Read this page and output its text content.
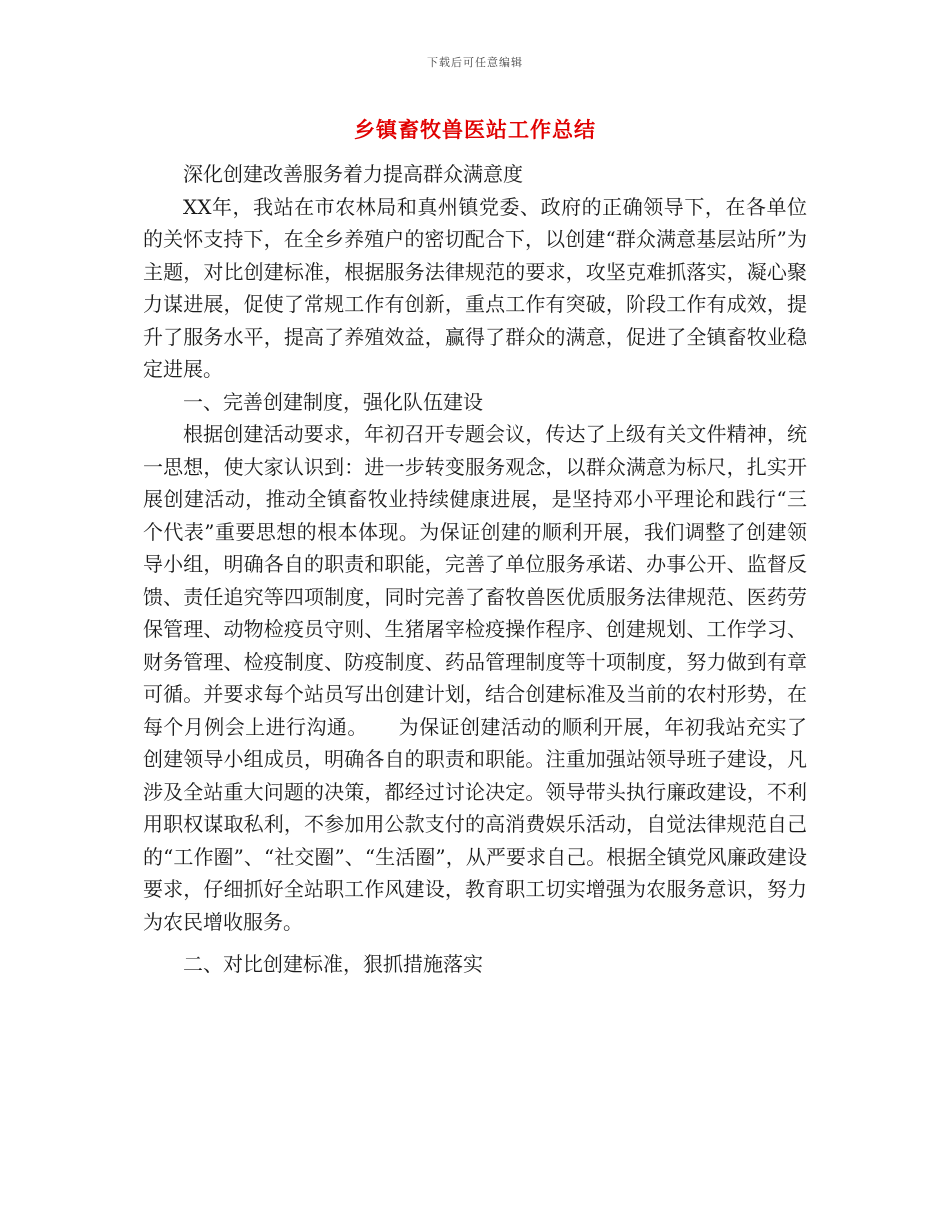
下载后可任意编辑
乡镇畜牧兽医站工作总结

深化创建改善服务着力提高群众满意度

XX年，我站在市农林局和真州镇党委、政府的正确领导下，在各单位的关怀支持下，在全乡养殖户的密切配合下，以创建“群众满意基层站所”为主题，对比创建标准，根据服务法律规范的要求，攻坚克难抓落实，凝心聚力谋进展，促使了常规工作有创新，重点工作有突破，阶段工作有成效，提升了服务水平，提高了养殖效益，赢得了群众的满意，促进了全镇畜牧业稳定进展。

一、完善创建制度，强化队伍建设

根据创建活动要求，年初召开专题会议，传达了上级有关文件精神，统一思想，使大家认识到：进一步转变服务观念，以群众满意为标尺，扎实开展创建活动，推动全镇畜牧业持续健康进展，是坚持邓小平理论和践行“三个代表”重要思想的根本体现。为保证创建的顺利开展，我们调整了创建领导小组，明确各自的职责和职能，完善了单位服务承诺、办事公开、监督反馈、责任追究等四项制度，同时完善了畜牧兽医优质服务法律规范、医药劳保管理、动物检疫员守则、生猪屠宰检疫操作程序、创建规划、工作学习、财务管理、检疫制度、防疫制度、药品管理制度等十项制度，努力做到有章可循。并要求每个站员写出创建计划，结合创建标准及当前的农村形势，在每个月例会上进行沟通。　　为保证创建活动的顺利开展，年初我站充实了创建领导小组成员，明确各自的职责和职能。注重加强站领导班子建设，凡涉及全站重大问题的决策，都经过讨论决定。领导带头执行廉政建设，不利用职权谋取私利，不参加用公款支付的高消费娱乐活动，自觉法律规范自己的“工作圈”、“社交圈”、“生活圈”，从严要求自己。根据全镇党风廉政建设要求，仔细抓好全站职工作风建设，教育职工切实增强为农服务意识，努力为农民增收服务。

二、对比创建标准，狠抓措施落实
